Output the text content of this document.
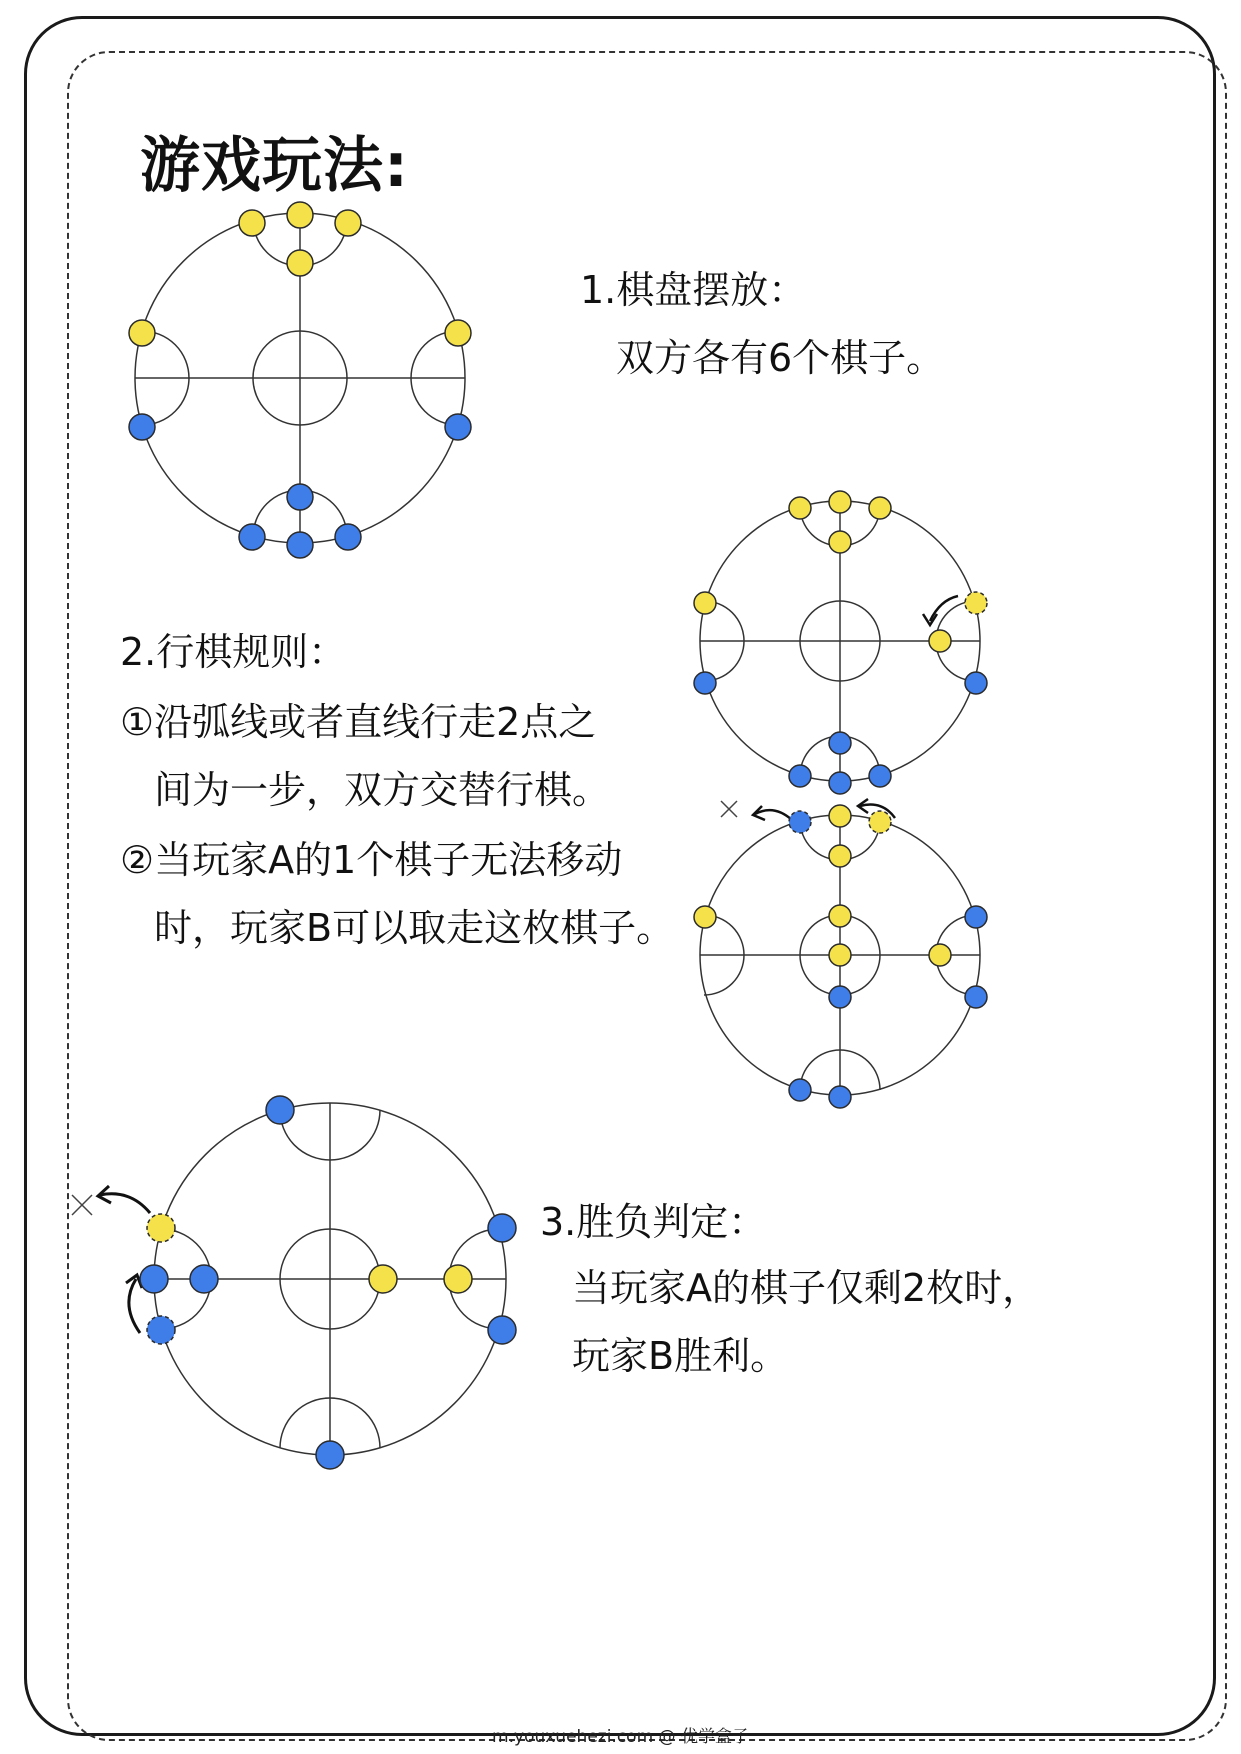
游戏玩法:
1.棋盘摆放：
双方各有6个棋子。
2.行棋规则：
①沿弧线或者直线行走2点之
间为一步，双方交替行棋。
②当玩家A的1个棋子无法移动
时，玩家B可以取走这枚棋子。
3.胜负判定：
当玩家A的棋子仅剩2枚时，
玩家B胜利。
m.youxuehezi.com @ 优学盒子
